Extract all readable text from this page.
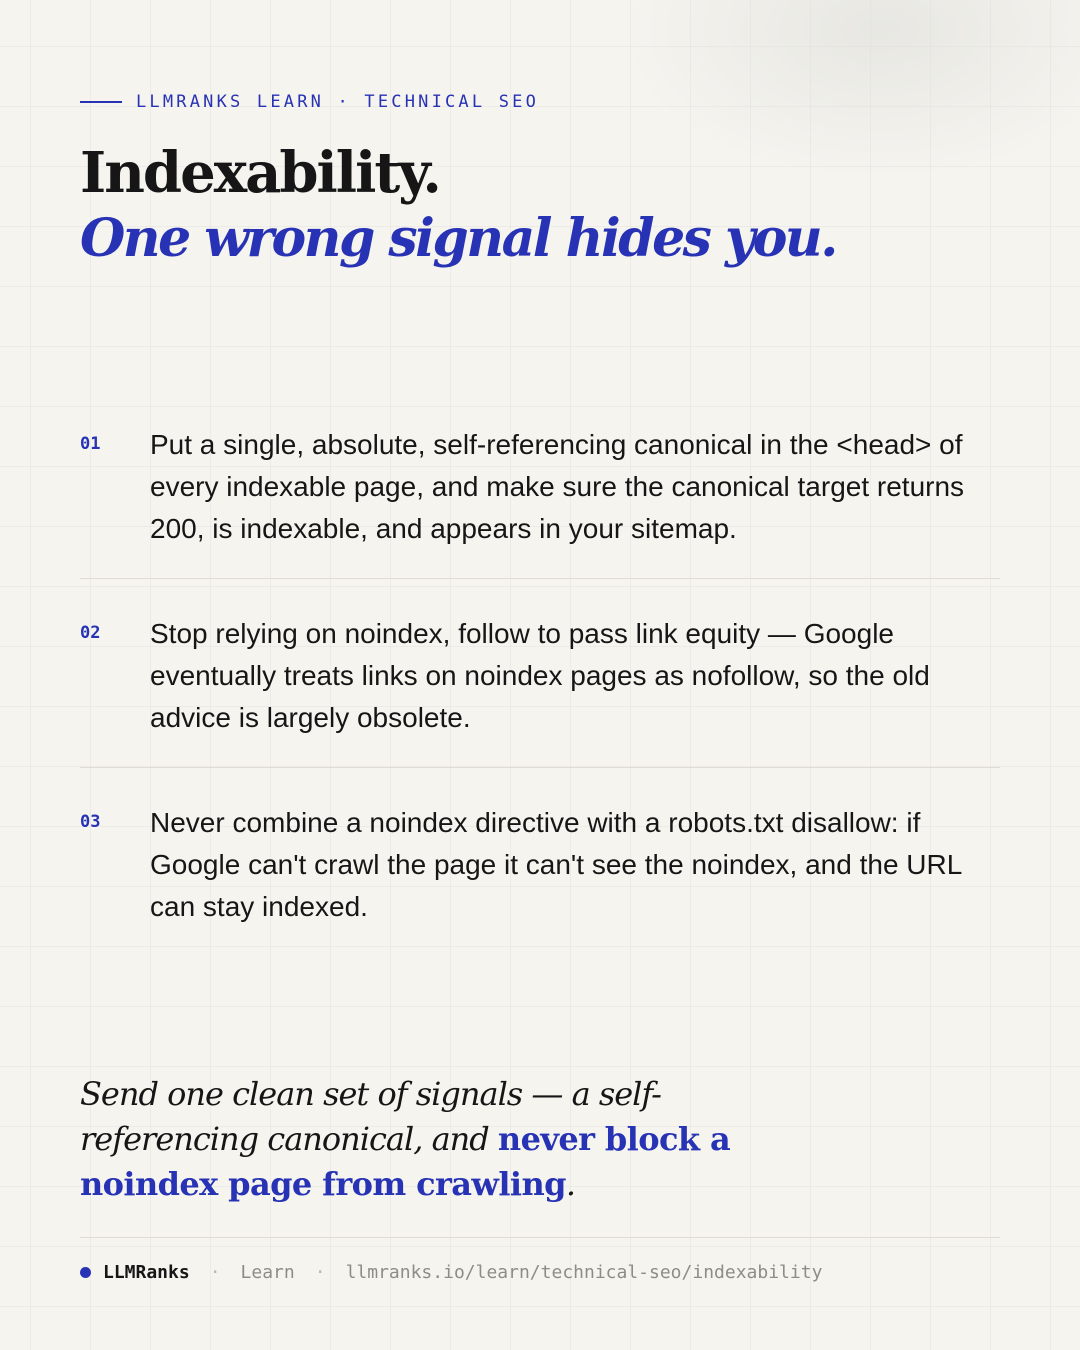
LLMRANKS LEARN · TECHNICAL SEO
Indexability.
One wrong signal hides you.
01	Put a single, absolute, self-referencing canonical in the <head> of every indexable page, and make sure the canonical target returns 200, is indexable, and appears in your sitemap.
02	Stop relying on noindex, follow to pass link equity — Google eventually treats links on noindex pages as nofollow, so the old advice is largely obsolete.
03	Never combine a noindex directive with a robots.txt disallow: if Google can't crawl the page it can't see the noindex, and the URL can stay indexed.

Send one clean set of signals — a self-referencing canonical, and never block a noindex page from crawling.

LLMRanks · Learn · llmranks.io/learn/technical-seo/indexability
